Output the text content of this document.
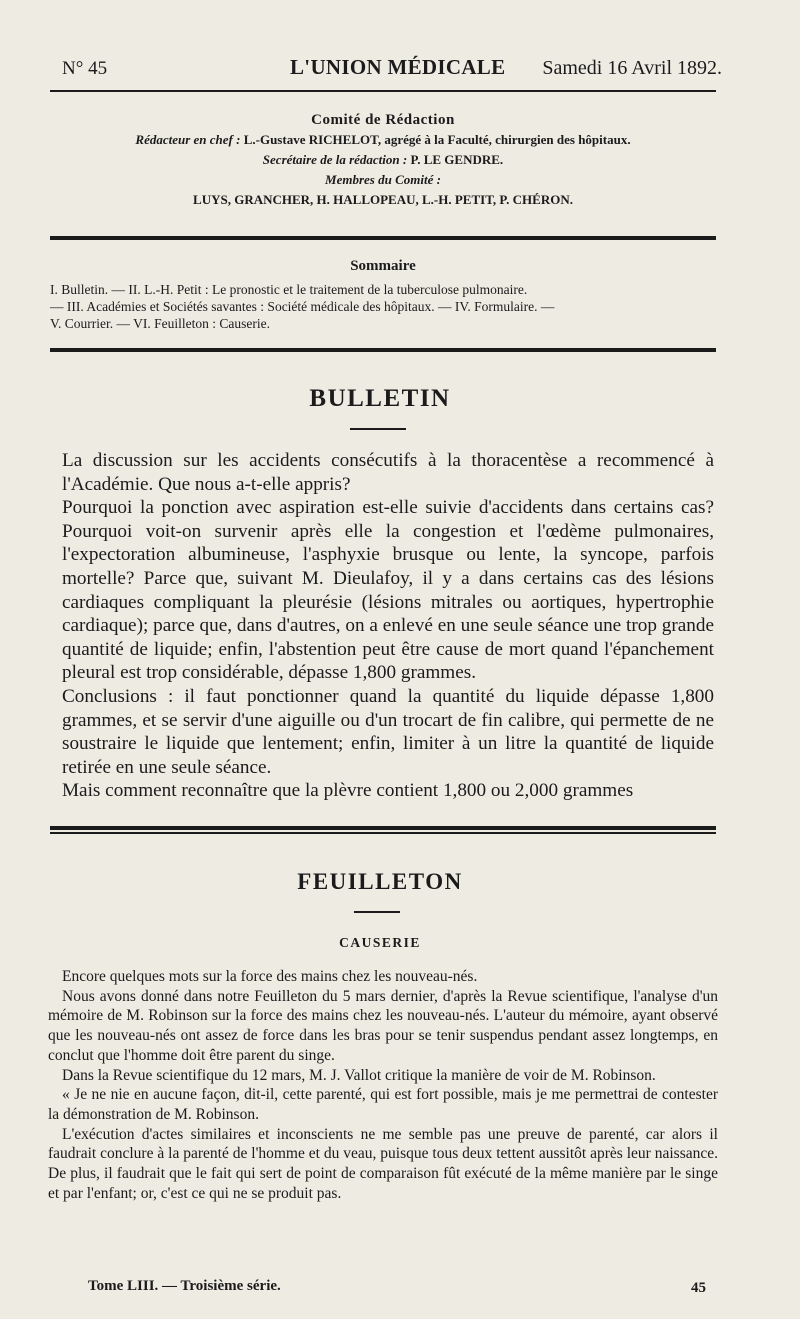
N° 45	L'UNION MÉDICALE Samedi 16 Avril 1892.
Comité de Rédaction
Rédacteur en chef : L.-Gustave RICHELOT, agrégé à la Faculté, chirurgien des hôpitaux.
Secrétaire de la rédaction : P. LE GENDRE.
Membres du Comité :
LUYS, GRANCHER, H. HALLOPEAU, L.-H. PETIT, P. CHÉRON.
Sommaire
I. Bulletin. — II. L.-H. Petit : Le pronostic et le traitement de la tuberculose pulmonaire.
— III. Académies et Sociétés savantes : Société médicale des hôpitaux. — IV. Formulaire. —
V. Courrier. — VI. Feuilleton : Causerie.
BULLETIN

La discussion sur les accidents consécutifs à la thoracentèse a recommencé à l'Académie. Que nous a-t-elle appris?

Pourquoi la ponction avec aspiration est-elle suivie d'accidents dans certains cas? Pourquoi voit-on survenir après elle la congestion et l'œdème pulmonaires, l'expectoration albumineuse, l'asphyxie brusque ou lente, la syncope, parfois mortelle? Parce que, suivant M. Dieulafoy, il y a dans certains cas des lésions cardiaques compliquant la pleurésie (lésions mitrales ou aortiques, hypertrophie cardiaque); parce que, dans d'autres, on a enlevé en une seule séance une trop grande quantité de liquide; enfin, l'abstention peut être cause de mort quand l'épanchement pleural est trop considérable, dépasse 1,800 grammes.

Conclusions : il faut ponctionner quand la quantité du liquide dépasse 1,800 grammes, et se servir d'une aiguille ou d'un trocart de fin calibre, qui permette de ne soustraire le liquide que lentement; enfin, limiter à un litre la quantité de liquide retirée en une seule séance.

Mais comment reconnaître que la plèvre contient 1,800 ou 2,000 grammes

FEUILLETON
CAUSERIE

Encore quelques mots sur la force des mains chez les nouveau-nés.

Nous avons donné dans notre Feuilleton du 5 mars dernier, d'après la Revue scientifique, l'analyse d'un mémoire de M. Robinson sur la force des mains chez les nouveau-nés. L'auteur du mémoire, ayant observé que les nouveau-nés ont assez de force dans les bras pour se tenir suspendus pendant assez longtemps, en conclut que l'homme doit être parent du singe.

Dans la Revue scientifique du 12 mars, M. J. Vallot critique la manière de voir de M. Robinson.

« Je ne nie en aucune façon, dit-il, cette parenté, qui est fort possible, mais je me permettrai de contester la démonstration de M. Robinson.

L'exécution d'actes similaires et inconscients ne me semble pas une preuve de parenté, car alors il faudrait conclure à la parenté de l'homme et du veau, puisque tous deux tettent aussitôt après leur naissance. De plus, il faudrait que le fait qui sert de point de comparaison fût exécuté de la même manière par le singe et par l'enfant; or, c'est ce qui ne se produit pas.

Tome LIII. — Troisième série.	45
